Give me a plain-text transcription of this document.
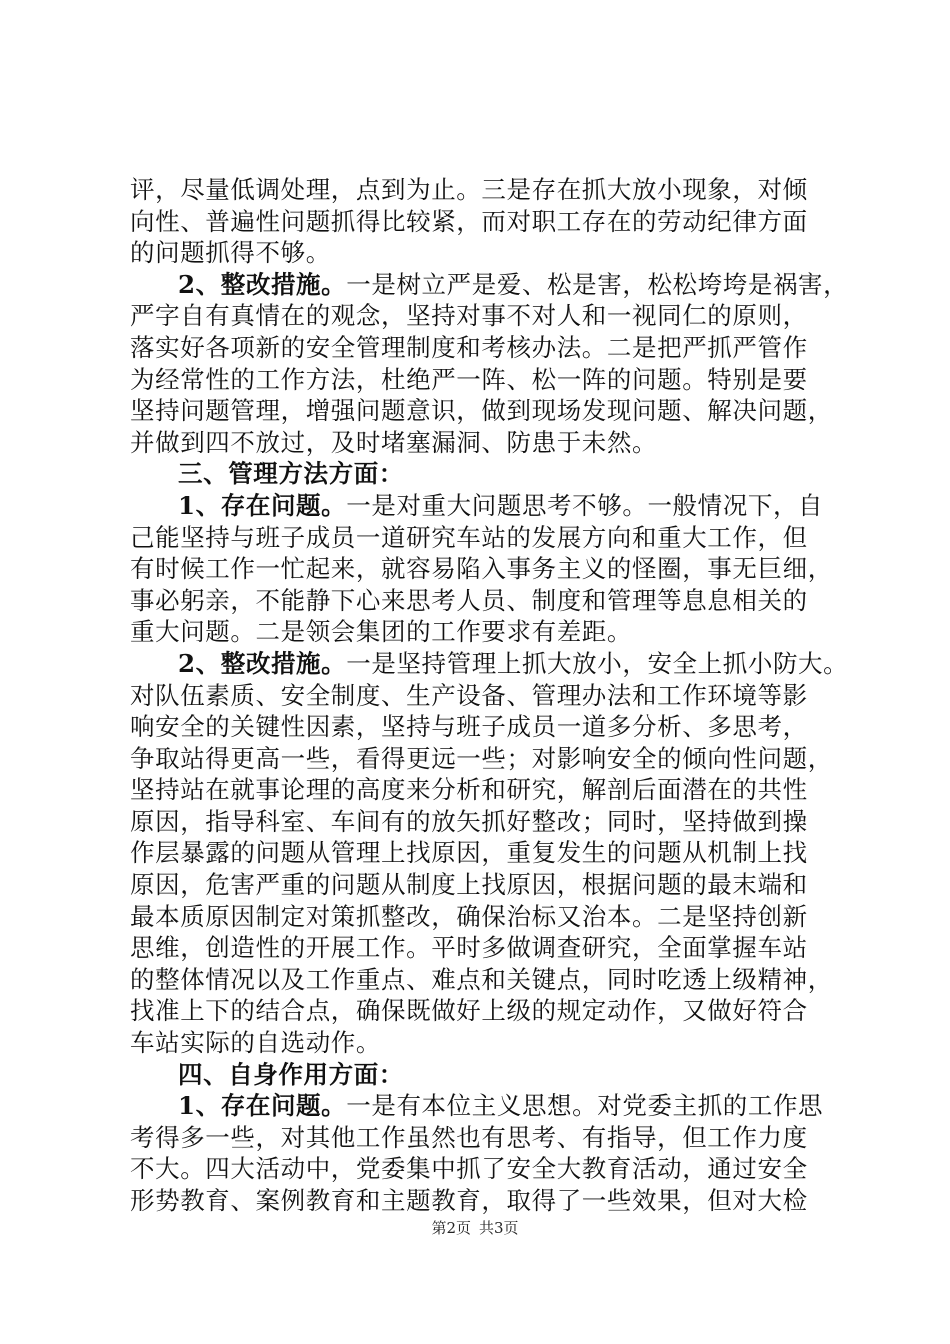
评，尽量低调处理，点到为止。三是存在抓大放小现象，对倾
向性、普遍性问题抓得比较紧，而对职工存在的劳动纪律方面
的问题抓得不够。
2、整改措施。一是树立严是爱、松是害，松松垮垮是祸害，
严字自有真情在的观念，坚持对事不对人和一视同仁的原则，
落实好各项新的安全管理制度和考核办法。二是把严抓严管作
为经常性的工作方法，杜绝严一阵、松一阵的问题。特别是要
坚持问题管理，增强问题意识，做到现场发现问题、解决问题，
并做到四不放过，及时堵塞漏洞、防患于未然。
三、管理方法方面：
1、存在问题。一是对重大问题思考不够。一般情况下，自
己能坚持与班子成员一道研究车站的发展方向和重大工作，但
有时候工作一忙起来，就容易陷入事务主义的怪圈，事无巨细，
事必躬亲，不能静下心来思考人员、制度和管理等息息相关的
重大问题。二是领会集团的工作要求有差距。
2、整改措施。一是坚持管理上抓大放小，安全上抓小防大。
对队伍素质、安全制度、生产设备、管理办法和工作环境等影
响安全的关键性因素，坚持与班子成员一道多分析、多思考，
争取站得更高一些，看得更远一些；对影响安全的倾向性问题，
坚持站在就事论理的高度来分析和研究，解剖后面潜在的共性
原因，指导科室、车间有的放矢抓好整改；同时，坚持做到操
作层暴露的问题从管理上找原因，重复发生的问题从机制上找
原因，危害严重的问题从制度上找原因，根据问题的最末端和
最本质原因制定对策抓整改，确保治标又治本。二是坚持创新
思维，创造性的开展工作。平时多做调查研究，全面掌握车站
的整体情况以及工作重点、难点和关键点，同时吃透上级精神，
找准上下的结合点，确保既做好上级的规定动作，又做好符合
车站实际的自选动作。
四、自身作用方面：
1、存在问题。一是有本位主义思想。对党委主抓的工作思
考得多一些，对其他工作虽然也有思考、有指导，但工作力度
不大。四大活动中，党委集中抓了安全大教育活动，通过安全
形势教育、案例教育和主题教育，取得了一些效果，但对大检
第2页 共3页
